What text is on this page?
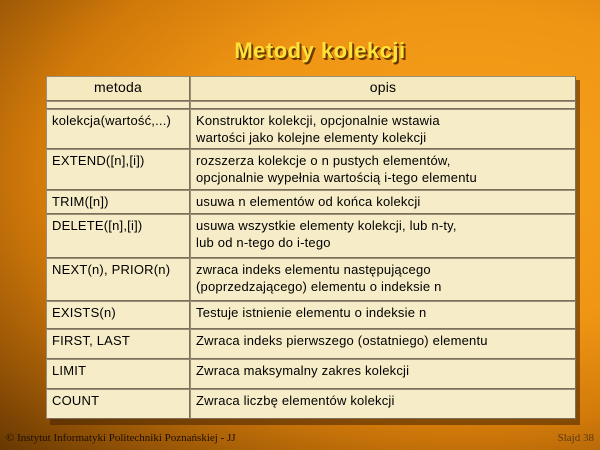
Metody kolekcji
metoda	opis

kolekcja(wartość,...)	Konstruktor kolekcji, opcjonalnie wstawia
wartości jako kolejne elementy kolekcji

EXTEND([n],[i])	rozszerza kolekcje o n pustych elementów,
opcjonalnie wypełnia wartością i-tego elementu

TRIM([n])	usuwa n elementów od końca kolekcji
DELETE([n],[i])	usuwa wszystkie elementy kolekcji, lub n-ty,
lub od n-tego do i-tego

NEXT(n), PRIOR(n)	zwraca indeks elementu następującego
(poprzedzającego) elementu o indeksie n

EXISTS(n)	Testuje istnienie elementu o indeksie n
FIRST, LAST	Zwraca indeks pierwszego (ostatniego) elementu
LIMIT	Zwraca maksymalny zakres kolekcji
COUNT	Zwraca liczbę elementów kolekcji
© Instytut Informatyki Politechniki Poznańskiej - JJ	Slajd 38
